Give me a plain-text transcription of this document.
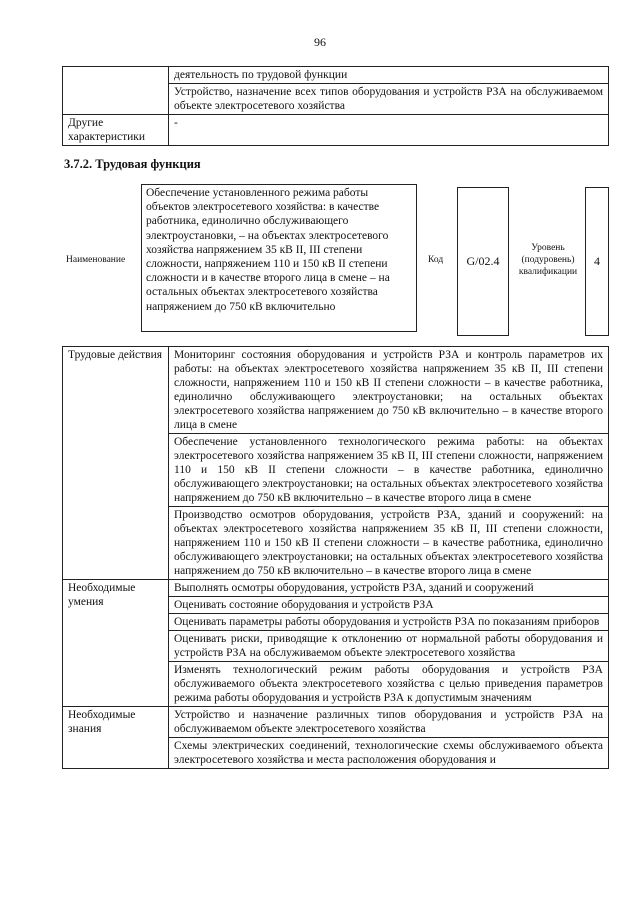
96
	деятельность по трудовой функции
	Устройство, назначение всех типов оборудования и устройств РЗА на обслуживаемом объекте электросетевого хозяйства
Другие характеристики	-
3.7.2. Трудовая функция
Наименование
Обеспечение установленного режима работы объектов электросетевого хозяйства: в качестве работника, единолично обслуживающего электроустановки, – на объектах электросетевого хозяйства напряжением 35 кВ II, III степени сложности, напряжением 110 и 150 кВ II степени сложности и в качестве второго лица в смене – на остальных объектах электросетевого хозяйства напряжением до 750 кВ включительно
Код	G/02.4
Уровень (подуровень) квалификации
4
Трудовые действия	Мониторинг состояния оборудования и устройств РЗА и контроль параметров их работы: на объектах электросетевого хозяйства напряжением 35 кВ II, III степени сложности, напряжением 110 и 150 кВ II степени сложности – в качестве работника, единолично обслуживающего электроустановки; на остальных объектах электросетевого хозяйства напряжением до 750 кВ включительно – в качестве второго лица в смене
	Обеспечение установленного технологического режима работы: на объектах электросетевого хозяйства напряжением 35 кВ II, III степени сложности, напряжением 110 и 150 кВ II степени сложности – в качестве работника, единолично обслуживающего электроустановки; на остальных объектах электросетевого хозяйства напряжением до 750 кВ включительно – в качестве второго лица в смене
	Производство осмотров оборудования, устройств РЗА, зданий и сооружений: на объектах электросетевого хозяйства напряжением 35 кВ II, III степени сложности, напряжением 110 и 150 кВ II степени сложности – в качестве работника, единолично обслуживающего электроустановки; на остальных объектах электросетевого хозяйства напряжением до 750 кВ включительно – в качестве второго лица в смене
Необходимые умения	Выполнять осмотры оборудования, устройств РЗА, зданий и сооружений
	Оценивать состояние оборудования и устройств РЗА
	Оценивать параметры работы оборудования и устройств РЗА по показаниям приборов
	Оценивать риски, приводящие к отклонению от нормальной работы оборудования и устройств РЗА на обслуживаемом объекте электросетевого хозяйства
	Изменять технологический режим работы оборудования и устройств РЗА обслуживаемого объекта электросетевого хозяйства с целью приведения параметров режима работы оборудования и устройств РЗА к допустимым значениям
Необходимые знания	Устройство и назначение различных типов оборудования и устройств РЗА на обслуживаемом объекте электросетевого хозяйства
	Схемы электрических соединений, технологические схемы обслуживаемого объекта электросетевого хозяйства и места расположения оборудования и
